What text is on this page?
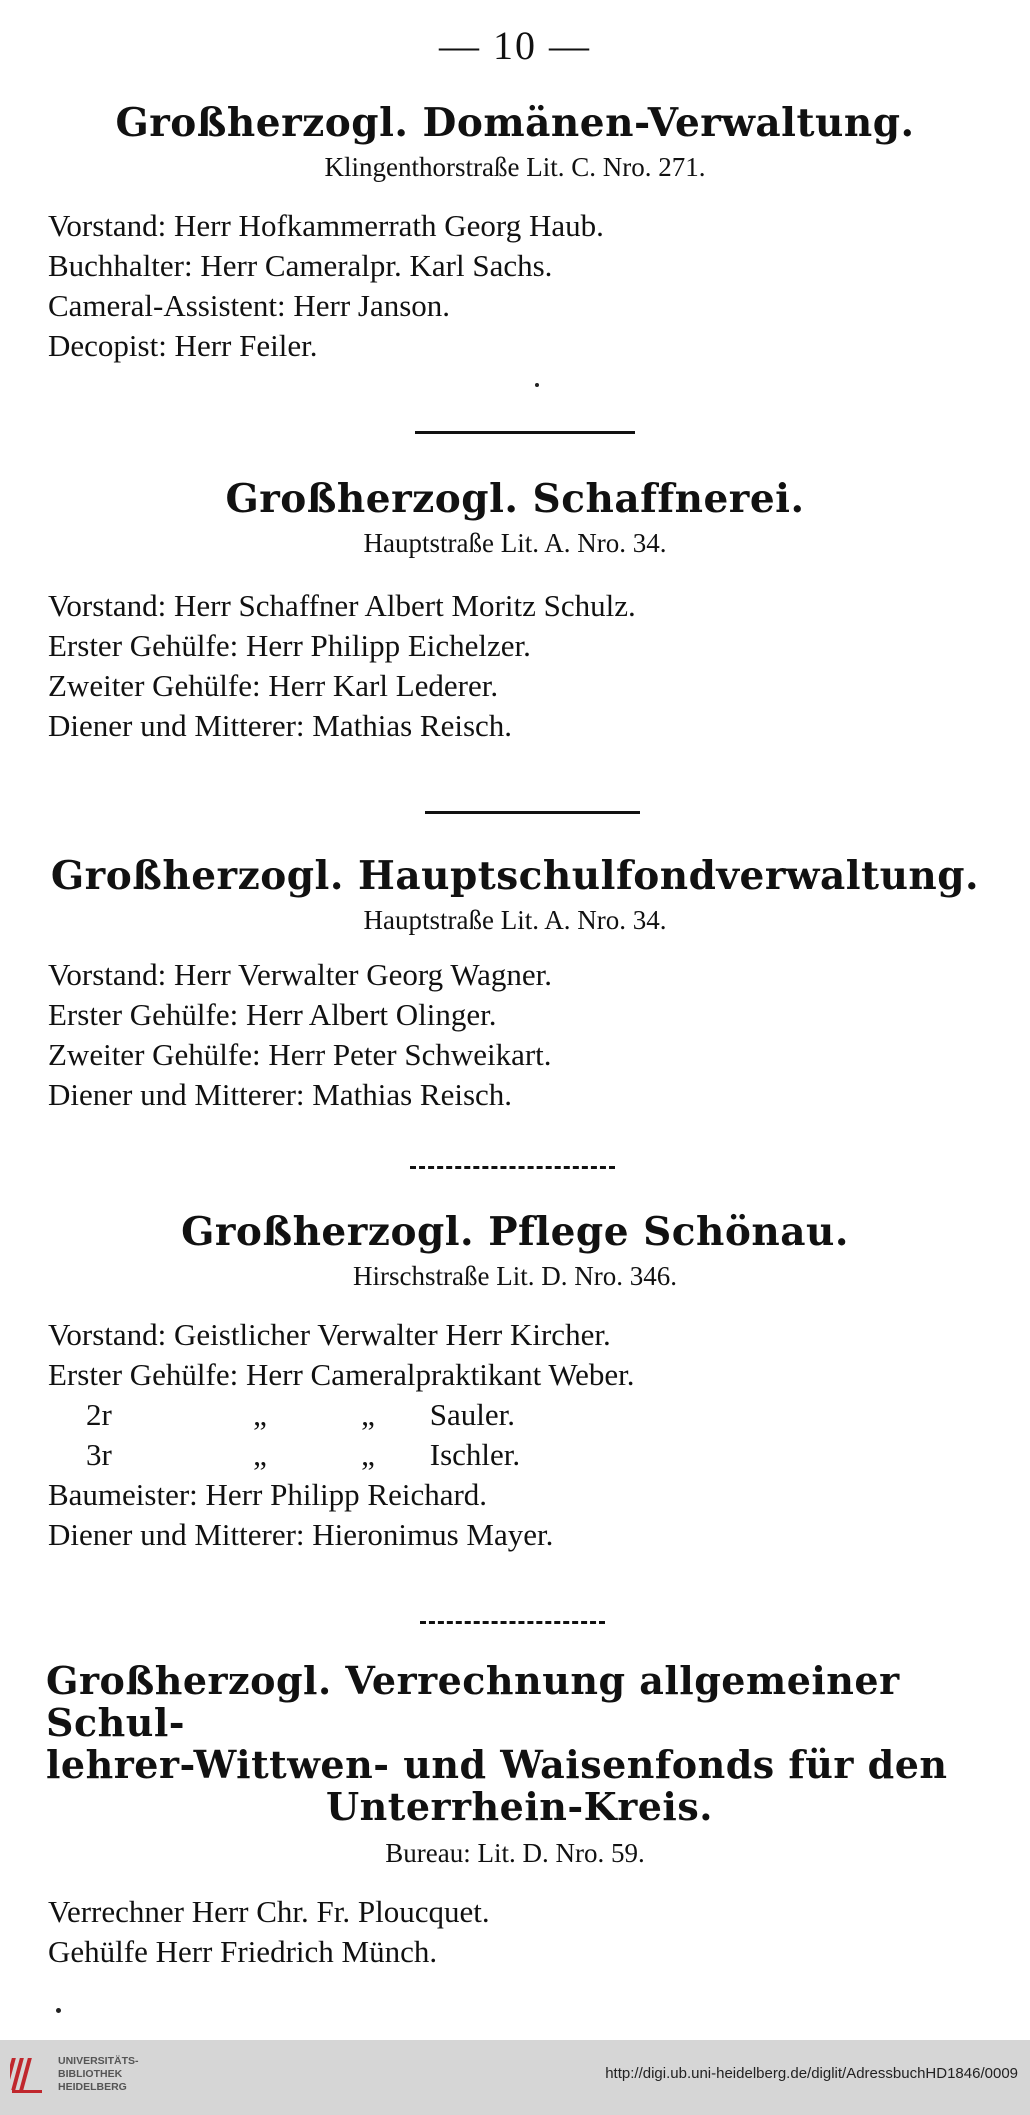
— 10 —
Großherzogl. Domänen-Verwaltung.
Klingenthorstraße Lit. C. Nro. 271.
Vorstand: Herr Hofkammerrath Georg Haub.
Buchhalter: Herr Cameralpr. Karl Sachs.
Cameral-Assistent: Herr Janson.
Decopist: Herr Feiler.
Großherzogl. Schaffnerei.
Hauptstraße Lit. A. Nro. 34.
Vorstand: Herr Schaffner Albert Moritz Schulz.
Erster Gehülfe: Herr Philipp Eichelzer.
Zweiter Gehülfe: Herr Karl Lederer.
Diener und Mitterer: Mathias Reisch.
Großherzogl. Hauptschulfondverwaltung.
Hauptstraße Lit. A. Nro. 34.
Vorstand: Herr Verwalter Georg Wagner.
Erster Gehülfe: Herr Albert Olinger.
Zweiter Gehülfe: Herr Peter Schweikart.
Diener und Mitterer: Mathias Reisch.
Großherzogl. Pflege Schönau.
Hirschstraße Lit. D. Nro. 346.
Vorstand: Geistlicher Verwalter Herr Kircher.
Erster Gehülfe: Herr Cameralpraktikant Weber.
2r	„	„ Sauler.
3r	„	„ Ischler.
Baumeister: Herr Philipp Reichard.
Diener und Mitterer: Hieronimus Mayer.
Großherzogl. Verrechnung allgemeiner Schul-
lehrer-Wittwen- und Waisenfonds für den
Unterrhein-Kreis.
Bureau: Lit. D. Nro. 59.
Verrechner Herr Chr. Fr. Ploucquet.
Gehülfe Herr Friedrich Münch.
UNIVERSITÄTS-
BIBLIOTHEK
HEIDELBERG
http://digi.ub.uni-heidelberg.de/diglit/AdressbuchHD1846/0009
